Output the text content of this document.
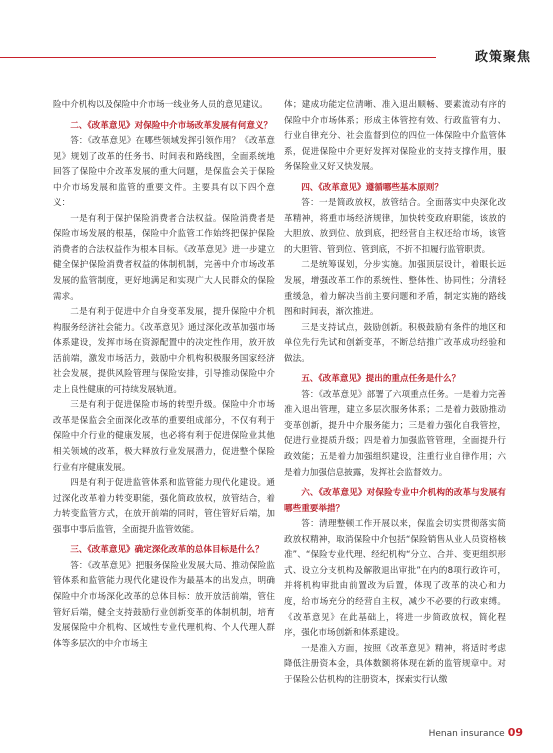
政策聚焦

险中介机构以及保险中介市场一线业务人员的意见建议。

二、《改革意见》对保险中介市场改革发展有何意义？

答：《改革意见》在哪些领域发挥引领作用？《改革意见》规划了改革的任务书、时间表和路线图，全面系统地回答了保险中介改革发展的重大问题，是保监会关于保险中介市场发展和监管的重要文件。主要具有以下四个意义：

一是有利于保护保险消费者合法权益。保险消费者是保险市场发展的根基，保险中介监管工作始终把保护保险消费者的合法权益作为根本目标。《改革意见》进一步建立健全保护保险消费者权益的体制机制，完善中介市场改革发展的监管制度，更好地满足和实现广大人民群众的保险需求。

二是有利于促进中介自身变革发展，提升保险中介机构服务经济社会能力。《改革意见》通过深化改革加强市场体系建设，发挥市场在资源配置中的决定性作用，放开放活前端，激发市场活力，鼓励中介机构积极服务国家经济社会发展，提供风险管理与保险安排，引导推动保险中介走上良性健康的可持续发展轨道。

三是有利于促进保险市场的转型升级。保险中介市场改革是保监会全面深化改革的重要组成部分，不仅有利于保险中介行业的健康发展，也必将有利于促进保险业其他相关领域的改革，极大释放行业发展潜力，促进整个保险行业有序健康发展。

四是有利于促进监管体系和监管能力现代化建设。通过深化改革着力转变职能，强化简政放权，放管结合，着力转变监管方式，在放开前端的同时，管住管好后端，加强事中事后监管，全面提升监管效能。

三、《改革意见》确定深化改革的总体目标是什么？

答：《改革意见》把服务保险业发展大局、推动保险监管体系和监管能力现代化建设作为最基本的出发点，明确保险中介市场深化改革的总体目标：放开放活前端，管住管好后端，健全支持鼓励行业创新变革的体制机制，培育发展保险中介机构、区域性专业代理机构、个人代理人群体等多层次的中介市场主

体；建成功能定位清晰、准入退出顺畅、要素流动有序的保险中介市场体系；形成主体管控有效、行政监管有力、行业自律充分、社会监督到位的四位一体保险中介监管体系，促进保险中介更好发挥对保险业的支持支撑作用，服务保险业又好又快发展。

四、《改革意见》遵循哪些基本原则？

答：一是简政放权，放管结合。全面落实中央深化改革精神，将重市场经济规律，加快转变政府职能，该放的大胆放、放到位、放到底，把经营自主权还给市场，该管的大胆管、管到位、管到底，不折不扣履行监管职责。

二是统筹谋划，分步实施。加强顶层设计，着眼长远发展，增强改革工作的系统性、整体性、协同性；分清轻重缓急，着力解决当前主要问题和矛盾，制定实施的路线图和时间表，渐次推进。

三是支持试点，鼓励创新。积极鼓励有条件的地区和单位先行先试和创新变革，不断总结推广改革成功经验和做法。

五、《改革意见》提出的重点任务是什么？

答：《改革意见》部署了六项重点任务。一是着力完善准入退出管理，建立多层次服务体系；二是着力鼓励推动变革创新，提升中介服务能力；三是着力强化自我管控，促进行业提质升级；四是着力加强监管管理，全面提升行政效能；五是着力加强组织建设，注重行业自律作用；六是着力加强信息披露，发挥社会监督效力。

六、《改革意见》对保险专业中介机构的改革与发展有哪些重要举措？

答：清理整顿工作开展以来，保监会切实贯彻落实简政放权精神，取消保险中介包括“保险销售从业人员资格核准”、“保险专业代理、经纪机构“分立、合并、变更组织形式、设立分支机构及解散退出审批”在内的8项行政许可，并将机构审批由前置改为后置，体现了改革的决心和力度，给市场充分的经营自主权，减少不必要的行政束缚。《改革意见》在此基础上，将进一步简政放权，简化程序，强化市场创新和体系建设。

一是准入方面，按照《改革意见》精神，将适时考虑降低注册资本金，具体数额将体现在新的监管规章中。对于保险公估机构的注册资本，探索实行认缴

Henan insurance 09
